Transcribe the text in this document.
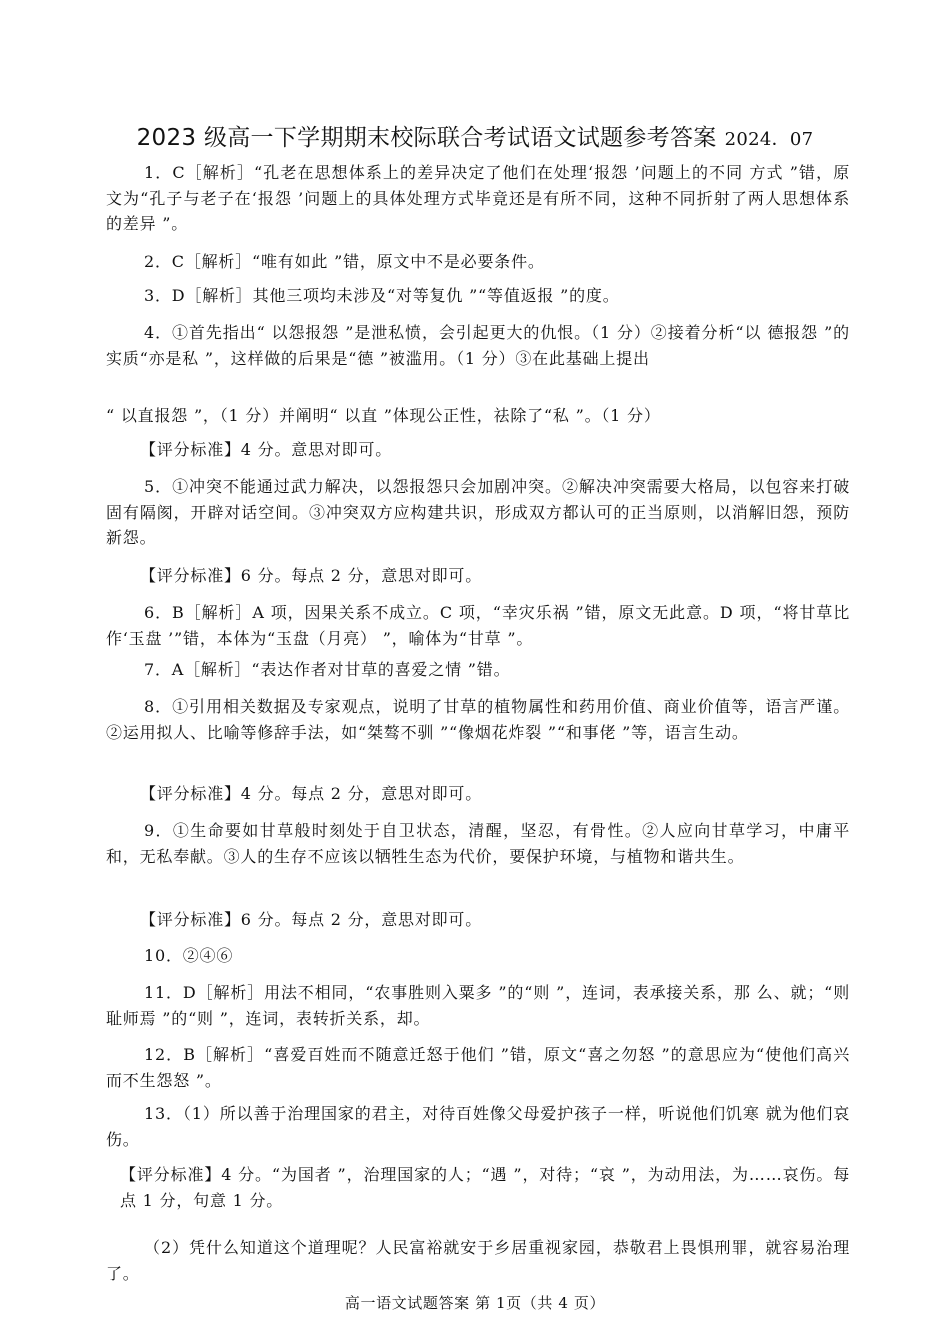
2023 级高一下学期期末校际联合考试语文试题参考答案 2024．07
1．C［解析］“孔老在思想体系上的差异决定了他们在处理‘报怨 ’问题上的不同 方式 ”错，原文为“孔子与老子在‘报怨 ’问题上的具体处理方式毕竟还是有所不同，这种不同折射了两人思想体系的差异 ”。
2．C［解析］“唯有如此 ”错，原文中不是必要条件。
3．D［解析］其他三项均未涉及“对等复仇 ”“等值返报 ”的度。
4．①首先指出“ 以怨报怨 ”是泄私愤，会引起更大的仇恨。（1 分）②接着分析“以 德报怨 ”的实质“亦是私 ”，这样做的后果是“德 ”被滥用。（1 分）③在此基础上提出
“ 以直报怨 ”，（1 分）并阐明“ 以直 ”体现公正性，祛除了“私 ”。（1 分）
【评分标准】4 分。意思对即可。
5．①冲突不能通过武力解决，以怨报怨只会加剧冲突。②解决冲突需要大格局，以包容来打破固有隔阂，开辟对话空间。③冲突双方应构建共识，形成双方都认可的正当原则，以消解旧怨，预防新怨。
【评分标准】6 分。每点 2 分，意思对即可。
6．B［解析］A 项，因果关系不成立。C 项，“幸灾乐祸 ”错，原文无此意。D 项，“将甘草比作‘玉盘 ’”错，本体为“玉盘（月亮） ”，喻体为“甘草 ”。
7．A［解析］“表达作者对甘草的喜爱之情 ”错。
8．①引用相关数据及专家观点，说明了甘草的植物属性和药用价值、商业价值等，语言严谨。②运用拟人、比喻等修辞手法，如“桀骜不驯 ”“像烟花炸裂 ”“和事佬 ”等，语言生动。
【评分标准】4 分。每点 2 分，意思对即可。
9．①生命要如甘草般时刻处于自卫状态，清醒，坚忍，有骨性。②人应向甘草学习，中庸平和，无私奉献。③人的生存不应该以牺牲生态为代价，要保护环境，与植物和谐共生。
【评分标准】6 分。每点 2 分，意思对即可。
10．②④⑥
11．D［解析］用法不相同，“农事胜则入粟多 ”的“则 ”，连词，表承接关系，那 么、就；“则耻师焉 ”的“则 ”，连词，表转折关系，却。
12．B［解析］“喜爱百姓而不随意迁怒于他们 ”错，原文“喜之勿怒 ”的意思应为“使他们高兴而不生怨怒 ”。
13．（1）所以善于治理国家的君主，对待百姓像父母爱护孩子一样，听说他们饥寒 就为他们哀伤。
【评分标准】4 分。“为国者 ”，治理国家的人；“遇 ”，对待；“哀 ”，为动用法，为……哀伤。每点 1 分，句意 1 分。
（2）凭什么知道这个道理呢？人民富裕就安于乡居重视家园，恭敬君上畏惧刑罪，就容易治理了。
高一语文试题答案 第 1页（共 4 页）
